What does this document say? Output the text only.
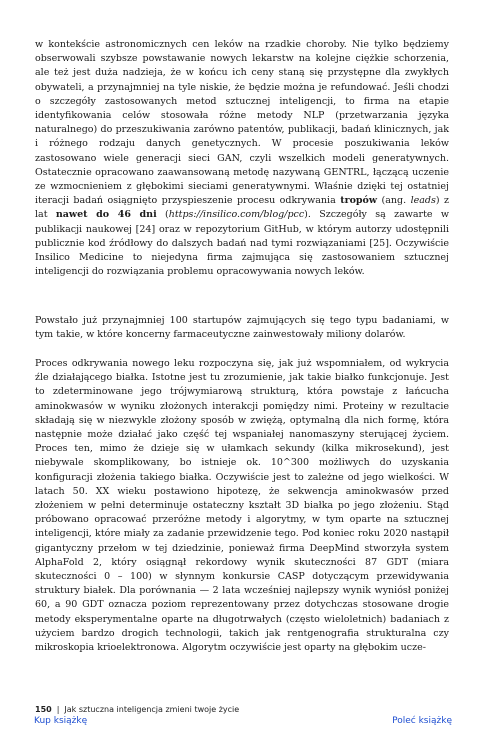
w kontekście astronomicznych cen leków na rzadkie choroby. Nie tylko będziemy obserwowali szybsze powstawanie nowych lekarstw na kolejne ciężkie schorzenia, ale też jest duża nadzieja, że w końcu ich ceny staną się przystępne dla zwykłych obywateli, a przynajmniej na tyle niskie, że będzie można je refundować. Jeśli chodzi o szczegóły zastosowanych metod sztucznej inteligencji, to firma na etapie identyfikowania celów stosowała różne metody NLP (przetwarzania języka naturalnego) do przeszukiwania zarówno patentów, publikacji, badań klinicznych, jak i różnego rodzaju danych genetycznych. W procesie poszukiwania leków zastosowano wiele generacji sieci GAN, czyli wszelkich modeli generatywnych. Ostatecznie opracowano zaawansowaną metodę nazywaną GENTRL, łączącą uczenie ze wzmocnieniem z głębokimi sieciami generatywnymi. Właśnie dzięki tej ostatniej iteracji badań osiągnięto przyspieszenie procesu odkrywania tropów (ang. leads) z lat nawet do 46 dni (https://insilico.com/blog/pcc). Szczegóły są zawarte w publikacji naukowej [24] oraz w repozytorium GitHub, w którym autorzy udostępnili publicznie kod źródłowy do dalszych badań nad tymi rozwiązaniami [25]. Oczywiście Insilico Medicine to niejedyna firma zajmująca się zastosowaniem sztucznej inteligencji do rozwiązania problemu opracowywania nowych leków.

Powstało już przynajmniej 100 startupów zajmujących się tego typu badaniami, w tym takie, w które koncerny farmaceutyczne zainwestowały miliony dolarów.

Proces odkrywania nowego leku rozpoczyna się, jak już wspomniałem, od wykrycia źle działającego białka. Istotne jest tu zrozumienie, jak takie białko funkcjonuje. Jest to zdeterminowane jego trójwymiarową strukturą, która powstaje z łańcucha aminokwasów w wyniku złożonych interakcji pomiędzy nimi. Proteiny w rezultacie składają się w niezwykle złożony sposób w zwiężą, optymalną dla nich formę, która następnie może działać jako część tej wspaniałej nanomaszyny sterującej życiem. Proces ten, mimo że dzieje się w ułamkach sekundy (kilka mikrosekund), jest niebywale skomplikowany, bo istnieje ok. 10^300 możliwych do uzyskania konfiguracji złożenia takiego białka. Oczywiście jest to zależne od jego wielkości. W latach 50. XX wieku postawiono hipotezę, że sekwencja aminokwasów przed złożeniem w pełni determinuje ostateczny kształt 3D białka po jego złożeniu. Stąd próbowano opracować przeróżne metody i algorytmy, w tym oparte na sztucznej inteligencji, które miały za zadanie przewidzenie tego. Pod koniec roku 2020 nastąpił gigantyczny przełom w tej dziedzinie, ponieważ firma DeepMind stworzyła system AlphaFold 2, który osiągnął rekordowy wynik skuteczności 87 GDT (miara skuteczności 0 – 100) w słynnym konkursie CASP dotyczącym przewidywania struktury białek. Dla porównania — 2 lata wcześniej najlepszy wynik wyniósł poniżej 60, a 90 GDT oznacza poziom reprezentowany przez dotychczas stosowane drogie metody eksperymentalne oparte na długotrwałych (często wieloletnich) badaniach z użyciem bardzo drogich technologii, takich jak rentgenografia strukturalna czy mikroskopia krioelektronowa. Algorytm oczywiście jest oparty na głębokim ucze-

150 | Jak sztuczna inteligencja zmieni twoje życie
Kup książkę	Poleć książkę
